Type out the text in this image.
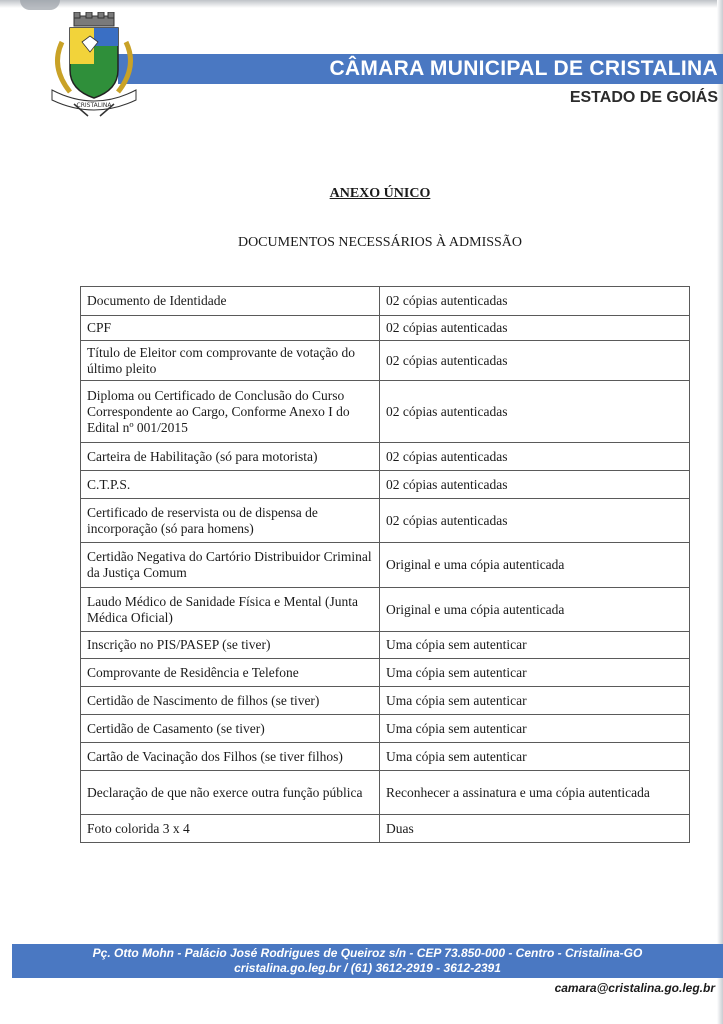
CRISTALINA
CÂMARA MUNICIPAL DE CRISTALINA
ESTADO DE GOIÁS
ANEXO ÚNICO
DOCUMENTOS NECESSÁRIOS À ADMISSÃO
Documento de Identidade	02 cópias autenticadas
CPF	02 cópias autenticadas
Título de Eleitor com comprovante de votação do último pleito	02 cópias autenticadas
Diploma ou Certificado de Conclusão do Curso Correspondente ao Cargo, Conforme Anexo I do Edital nº 001/2015	02 cópias autenticadas
Carteira de Habilitação (só para motorista)	02 cópias autenticadas
C.T.P.S.	02 cópias autenticadas
Certificado de reservista ou de dispensa de incorporação (só para homens)	02 cópias autenticadas
Certidão Negativa do Cartório Distribuidor Criminal da Justiça Comum	Original e uma cópia autenticada
Laudo Médico de Sanidade Física e Mental (Junta Médica Oficial)	Original e uma cópia autenticada
Inscrição no PIS/PASEP (se tiver)	Uma cópia sem autenticar
Comprovante de Residência e Telefone	Uma cópia sem autenticar
Certidão de Nascimento de filhos (se tiver)	Uma cópia sem autenticar
Certidão de Casamento (se tiver)	Uma cópia sem autenticar
Cartão de Vacinação dos Filhos (se tiver filhos)	Uma cópia sem autenticar
Declaração de que não exerce outra função pública	Reconhecer a assinatura e uma cópia autenticada
Foto colorida 3 x 4	Duas
Pç. Otto Mohn - Palácio José Rodrigues de Queiroz s/n - CEP 73.850-000 - Centro - Cristalina-GO
cristalina.go.leg.br / (61) 3612-2919 - 3612-2391
camara@cristalina.go.leg.br
